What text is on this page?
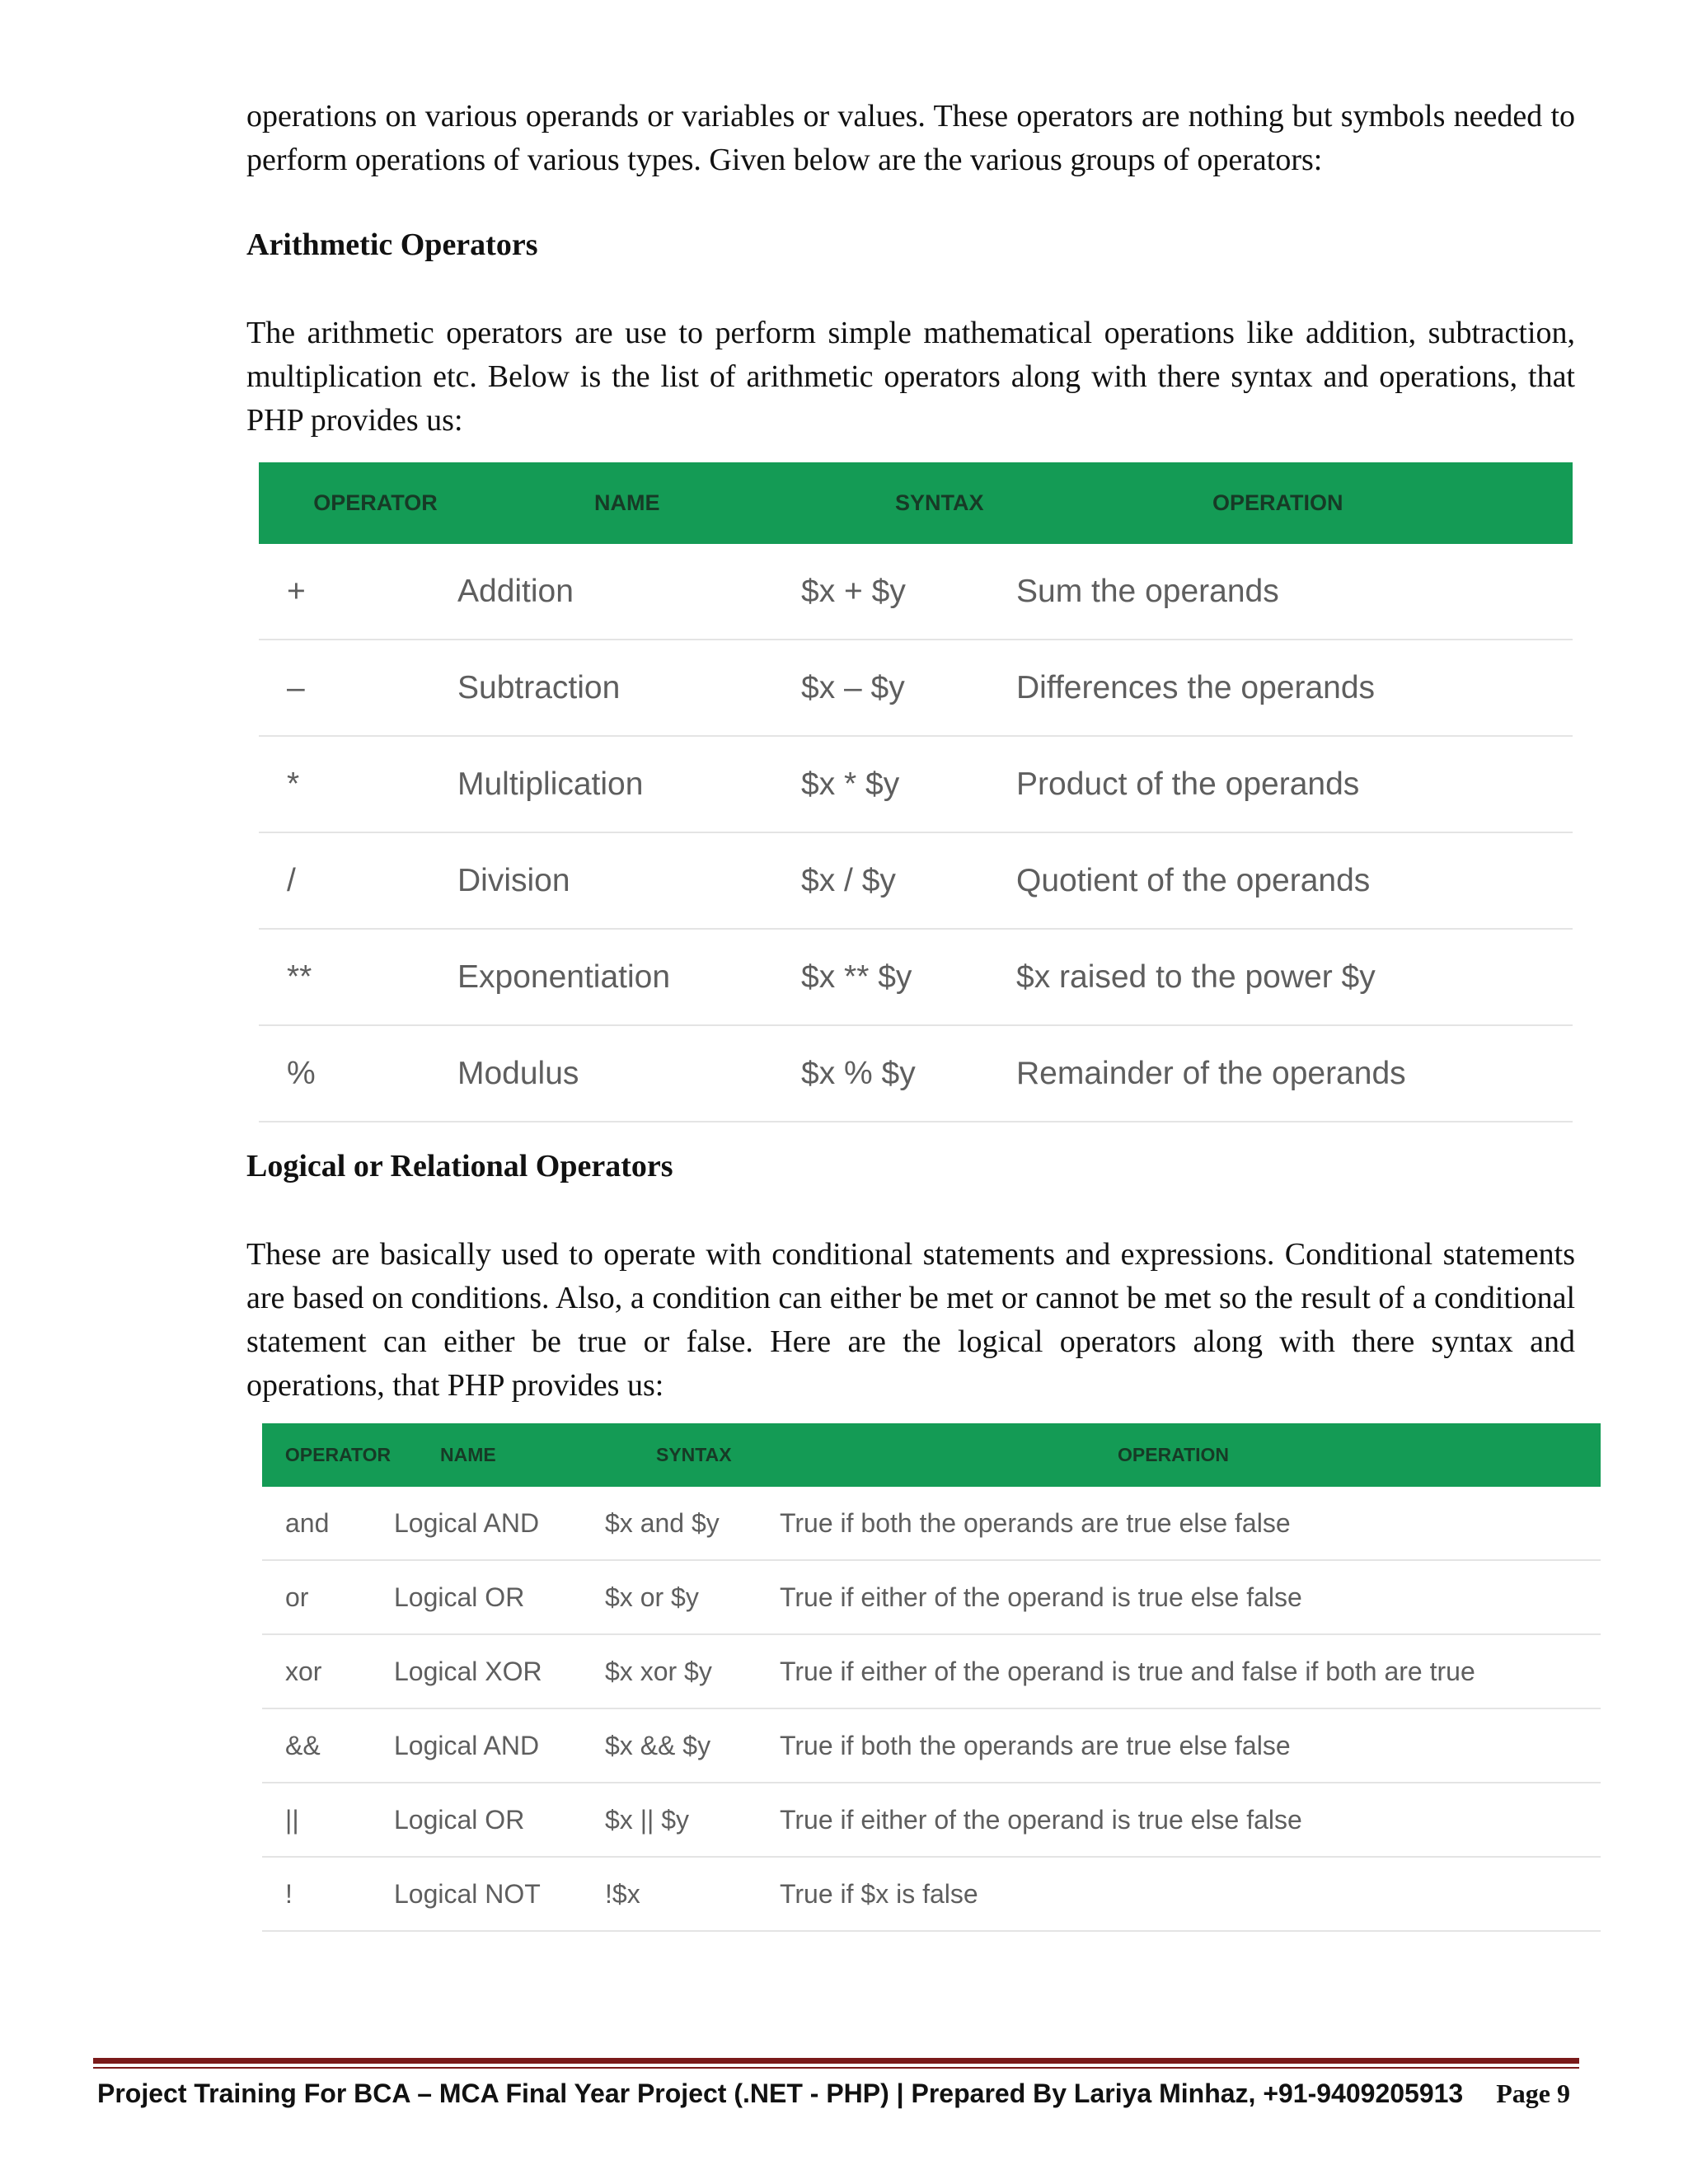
operations on various operands or variables or values. These operators are nothing but symbols needed to perform operations of various types. Given below are the various groups of operators:

Arithmetic Operators

The arithmetic operators are use to perform simple mathematical operations like addition, subtraction, multiplication etc. Below is the list of arithmetic operators along with there syntax and operations, that PHP provides us:

OPERATOR	NAME	SYNTAX	OPERATION
+	Addition	$x + $y	Sum the operands
–	Subtraction	$x – $y	Differences the operands
*	Multiplication	$x * $y	Product of the operands
/	Division	$x / $y	Quotient of the operands
**	Exponentiation	$x ** $y	$x raised to the power $y
%	Modulus	$x % $y	Remainder of the operands
Logical or Relational Operators

These are basically used to operate with conditional statements and expressions. Conditional statements are based on conditions. Also, a condition can either be met or cannot be met so the result of a conditional statement can either be true or false. Here are the logical operators along with there syntax and operations, that PHP provides us:

OPERATOR	NAME	SYNTAX	OPERATION
and	Logical AND	$x and $y	True if both the operands are true else false
or	Logical OR	$x or $y	True if either of the operand is true else false
xor	Logical XOR	$x xor $y	True if either of the operand is true and false if both are true
&&	Logical AND	$x && $y	True if both the operands are true else false
||	Logical OR	$x || $y	True if either of the operand is true else false
!	Logical NOT	!$x	True if $x is false
Project Training For BCA – MCA Final Year Project (.NET - PHP) | Prepared By Lariya Minhaz, +91-9409205913 Page 9
